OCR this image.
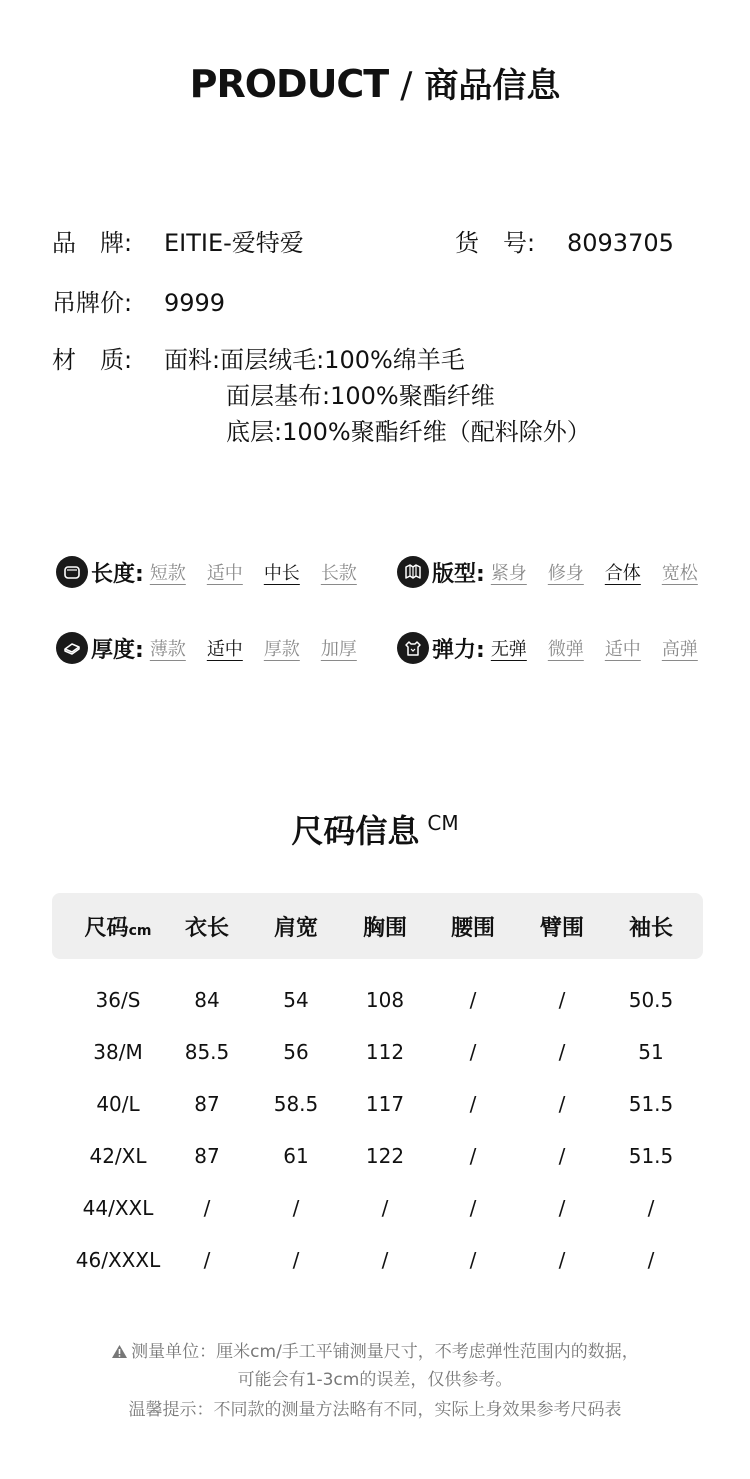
PRODUCT / 商品信息
品　牌: EITIE-爱特爱	货　号: 8093705
吊牌价: 9999
材　质: 面料:面层绒毛:100%绵羊毛
面层基布:100%聚酯纤维
底层:100%聚酯纤维（配料除外）
长度: 短款 适中 中长 长款	版型: 紧身 修身 合体 宽松
厚度: 薄款 适中 厚款 加厚	弹力: 无弹 微弹 适中 高弹
尺码信息 CM
尺码cm	衣长	肩宽	胸围	腰围	臂围	袖长
36/S	84	54	108	/	/	50.5
38/M	85.5	56	112	/	/	51
40/L	87	58.5	117	/	/	51.5
42/XL	87	61	122	/	/	51.5
44/XXL	/	/	/	/	/	/
46/XXXL	/	/	/	/	/	/
测量单位：厘米cm/手工平铺测量尺寸，不考虑弹性范围内的数据，
可能会有1-3cm的误差，仅供参考。
温馨提示：不同款的测量方法略有不同，实际上身效果参考尺码表
